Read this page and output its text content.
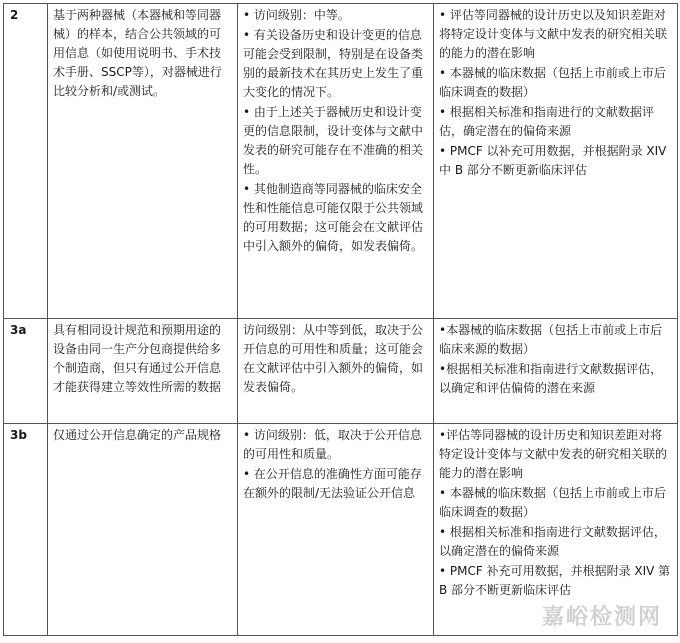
2	基于两种器械（本器械和等同器械）的样本，结合公共领域的可用信息（如使用说明书、手术技术手册、SSCP等），对器械进行比较分析和/或测试。	• 访问级别：中等。
• 有关设备历史和设计变更的信息可能会受到限制，特别是在设备类别的最新技术在其历史上发生了重大变化的情况下。
• 由于上述关于器械历史和设计变更的信息限制，设计变体与文献中发表的研究可能存在不准确的相关性。
• 其他制造商等同器械的临床安全性和性能信息可能仅限于公共领域的可用数据；这可能会在文献评估中引入额外的偏倚，如发表偏倚。	• 评估等同器械的设计历史以及知识差距对将特定设计变体与文献中发表的研究相关联的能力的潜在影响
• 本器械的临床数据（包括上市前或上市后临床调查的数据）
• 根据相关标准和指南进行的文献数据评估，确定潜在的偏倚来源
• PMCF 以补充可用数据，并根据附录 XIV 中 B 部分不断更新临床评估

3a	具有相同设计规范和预期用途的设备由同一生产分包商提供给多个制造商，但只有通过公开信息才能获得建立等效性所需的数据	访问级别：从中等到低，取决于公开信息的可用性和质量；这可能会在文献评估中引入额外的偏倚，如发表偏倚。	•本器械的临床数据（包括上市前或上市后临床来源的数据）
•根据相关标准和指南进行文献数据评估，以确定和评估偏倚的潜在来源

3b	仅通过公开信息确定的产品规格	• 访问级别：低，取决于公开信息的可用性和质量。
• 在公开信息的准确性方面可能存在额外的限制/无法验证公开信息	•评估等同器械的设计历史和知识差距对将特定设计变体与文献中发表的研究相关联的能力的潜在影响
• 本器械的临床数据（包括上市前或上市后临床调查的数据）
• 根据相关标准和指南进行文献数据评估，以确定潜在的偏倚来源
• PMCF 补充可用数据，并根据附录 XIV 第 B 部分不断更新临床评估
嘉峪检测网
